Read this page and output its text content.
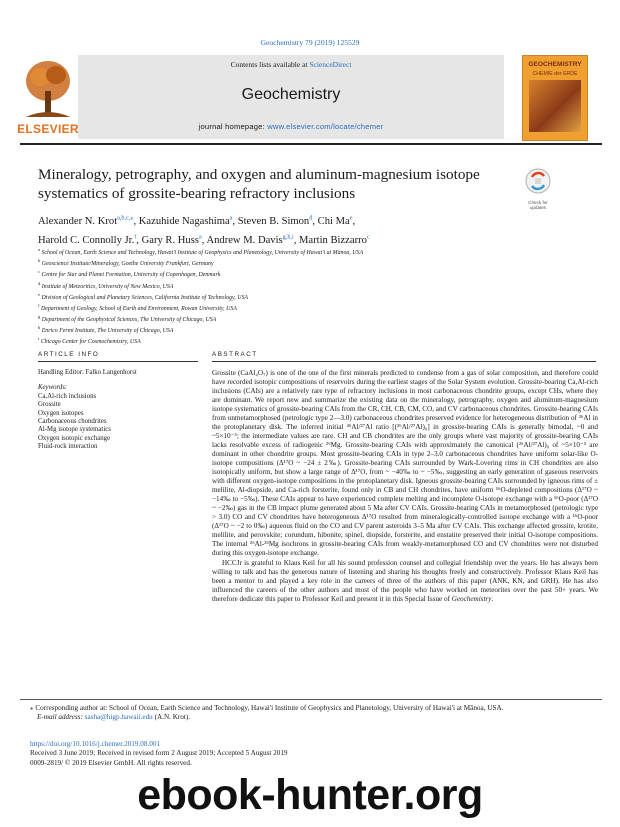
Geochemistry 79 (2019) 125529
Contents lists available at ScienceDirect
Geochemistry
journal homepage: www.elsevier.com/locate/chemer
ELSEVIER
GEOCHEMISTRY
CHEMIE der ERDE
Mineralogy, petrography, and oxygen and aluminum-magnesium isotope systematics of grossite-bearing refractory inclusions
Check for
updates
Alexander N. Krot$^{a,b,c,⁎}$, Kazuhide Nagashima$^a$, Steven B. Simon$^d$, Chi Ma$^e$,
Harold C. Connolly Jr.$^f$, Gary R. Huss$^a$, Andrew M. Davis$^{g,h,i}$, Martin Bizzarro$^c$
$^a$ School of Ocean, Earth Science and Technology, Hawai'i Institute of Geophysics and Planetology, University of Hawai'i at Mānoa, USA
$^b$ Geoscience Institute/Mineralogy, Goethe University Frankfurt, Germany
$^c$ Centre for Star and Planet Formation, University of Copenhagen, Denmark
$^d$ Institute of Meteoritics, University of New Mexico, USA
$^e$ Division of Geological and Planetary Sciences, California Institute of Technology, USA
$^f$ Department of Geology, School of Earth and Environment, Rowan University, USA
$^g$ Department of the Geophysical Sciences, The University of Chicago, USA
$^h$ Enrico Fermi Institute, The University of Chicago, USA
$^i$ Chicago Center for Cosmochemistry, USA
ARTICLE INFO	ABSTRACT
Handling Editor: Falko Langenhorst
Keywords:
Ca,Al-rich inclusions
Grossite
Oxygen isotopes
Carbonaceous chondrites
Al-Mg isotope systematics
Oxygen isotopic exchange
Fluid-rock interaction

Grossite (CaAl₄O₇) is one of the one of the first minerals predicted to condense from a gas of solar composition, and therefore could have recorded isotopic compositions of reservoirs during the earliest stages of the Solar System evolution. Grossite-bearing Ca,Al-rich inclusions (CAIs) are a relatively rare type of refractory inclusions in most carbonaceous chondrite groups, except CHs, where they are dominant. We report new and summarize the existing data on the mineralogy, petrography, oxygen and aluminum-magnesium isotope systematics of grossite-bearing CAIs from the CR, CH, CB, CM, CO, and CV carbonaceous chondrites. Grossite-bearing CAIs from unmetamorphosed (petrologic type 2—3.0) carbonaceous chondrites preserved evidence for heterogeneous distribution of ²⁶Al in the protoplanetary disk. The inferred initial ²⁶Al/²⁷Al ratio [(²⁶Al/²⁷Al)₀] in grossite-bearing CAIs is generally bimodal, ~0 and ~5×10⁻⁵; the intermediate values are rare. CH and CB chondrites are the only groups where vast majority of grossite-bearing CAIs lacks resolvable excess of radiogenic ²⁶Mg. Grossite-bearing CAIs with approximately the canonical (²⁶Al/²⁷Al)₀ of ~5×10⁻⁵ are dominant in other chondrite groups. Most grossite-bearing CAIs in type 2–3.0 carbonaceous chondrites have uniform solar-like O-isotope compositions (Δ¹⁷O ~ −24 ± 2‰). Grossite-bearing CAIs surrounded by Wark-Lovering rims in CH chondrites are also isotopically uniform, but show a large range of Δ¹⁷O, from ~ −40‰ to ~ −5‰, suggesting an early generation of gaseous reservoirs with different oxygen-isotope compositions in the protoplanetary disk. Igneous grossite-bearing CAIs surrounded by igneous rims of ± melilite, Al-diopside, and Ca-rich forsterite, found only in CB and CH chondrites, have uniform ¹⁶O-depleted compositions (Δ¹⁷O ~ −14‰ to −5‰). These CAIs appear to have experienced complete melting and incomplete O-isotope exchange with a ¹⁶O-poor (Δ¹⁷O ~ −2‰) gas in the CB impact plume generated about 5 Ma after CV CAIs. Grossite-bearing CAIs in metamorphosed (petrologic type > 3.0) CO and CV chondrites have heterogeneous Δ¹⁷O resulted from mineralogically-controlled isotope exchange with a ¹⁶O-poor (Δ¹⁷O ~ −2 to 0‰) aqueous fluid on the CO and CV parent asteroids 3–5 Ma after CV CAIs. This exchange affected grossite, krotite, melilite, and perovskite; corundum, hibonite, spinel, diopside, forsterite, and enstatite preserved their initial O-isotope compositions. The internal ²⁶Al-²⁶Mg isochrons in grossite-bearing CAIs from weakly-metamorphosed CO and CV chondrites were not disturbed during this oxygen-isotope exchange.

HCCJr is grateful to Klaus Keil for all his sound profession counsel and collegial friendship over the years. He has always been willing to talk and has the generous nature of listening and sharing his thoughts freely and constructively. Professor Klaus Keil has been a mentor to and played a key role in the careers of three of the authors of this paper (ANK, KN, and GRH). He has also influenced the careers of the other authors and most of the people who have worked on meteorites over the past 50+ years. We therefore dedicate this paper to Professor Keil and present it in this Special Issue of Geochemistry.

⁎ Corresponding author at: School of Ocean, Earth Science and Technology, Hawai'i Institute of Geophysics and Planetology, University of Hawai'i at Mānoa, USA.
E-mail address: sasha@higp.hawaii.edu (A.N. Krot).
https://doi.org/10.1016/j.chemer.2019.08.001
Received 3 June 2019; Received in revised form 2 August 2019; Accepted 5 August 2019
0009-2819/ © 2019 Elsevier GmbH. All rights reserved.
ebook-hunter.org
